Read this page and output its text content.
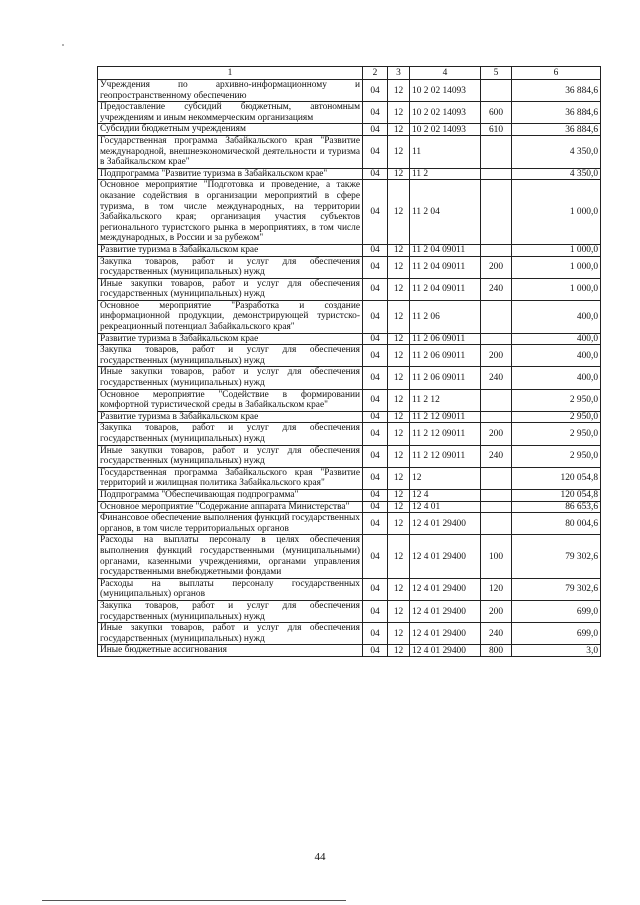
1	2	3	4	5	6
Учреждения по архивно-информационному и геопространственному обеспечению	04	12	10 2 02 14093		36 884,6
Предоставление субсидий бюджетным, автономным учреждениям и иным некоммерческим организациям	04	12	10 2 02 14093	600	36 884,6
Субсидии бюджетным учреждениям	04	12	10 2 02 14093	610	36 884,6
Государственная программа Забайкальского края "Развитие международной, внешнеэкономической деятельности и туризма в Забайкальском крае"	04	12	11		4 350,0
Подпрограмма "Развитие туризма в Забайкальском крае"	04	12	11 2		4 350,0
Основное мероприятие "Подготовка и проведение, а также оказание содействия в организации мероприятий в сфере туризма, в том числе международных, на территории Забайкальского края; организация участия субъектов регионального туристского рынка в мероприятиях, в том числе международных, в России и за рубежом"	04	12	11 2 04		1 000,0
Развитие туризма в Забайкальском крае	04	12	11 2 04 09011		1 000,0
Закупка товаров, работ и услуг для обеспечения государственных (муниципальных) нужд	04	12	11 2 04 09011	200	1 000,0
Иные закупки товаров, работ и услуг для обеспечения государственных (муниципальных) нужд	04	12	11 2 04 09011	240	1 000,0
Основное мероприятие "Разработка и создание информационной продукции, демонстрирующей туристско-рекреационный потенциал Забайкальского края"	04	12	11 2 06		400,0
Развитие туризма в Забайкальском крае	04	12	11 2 06 09011		400,0
Закупка товаров, работ и услуг для обеспечения государственных (муниципальных) нужд	04	12	11 2 06 09011	200	400,0
Иные закупки товаров, работ и услуг для обеспечения государственных (муниципальных) нужд	04	12	11 2 06 09011	240	400,0
Основное мероприятие "Содействие в формировании комфортной туристической среды в Забайкальском крае"	04	12	11 2 12		2 950,0
Развитие туризма в Забайкальском крае	04	12	11 2 12 09011		2 950,0
Закупка товаров, работ и услуг для обеспечения государственных (муниципальных) нужд	04	12	11 2 12 09011	200	2 950,0
Иные закупки товаров, работ и услуг для обеспечения государственных (муниципальных) нужд	04	12	11 2 12 09011	240	2 950,0
Государственная программа Забайкальского края "Развитие территорий и жилищная политика Забайкальского края"	04	12	12		120 054,8
Подпрограмма "Обеспечивающая подпрограмма"	04	12	12 4		120 054,8
Основное мероприятие "Содержание аппарата Министерства"	04	12	12 4 01		86 653,6
Финансовое обеспечение выполнения функций государственных органов, в том числе территориальных органов	04	12	12 4 01 29400		80 004,6
Расходы на выплаты персоналу в целях обеспечения выполнения функций государственными (муниципальными) органами, казенными учреждениями, органами управления государственными внебюджетными фондами	04	12	12 4 01 29400	100	79 302,6
Расходы на выплаты персоналу государственных (муниципальных) органов	04	12	12 4 01 29400	120	79 302,6
Закупка товаров, работ и услуг для обеспечения государственных (муниципальных) нужд	04	12	12 4 01 29400	200	699,0
Иные закупки товаров, работ и услуг для обеспечения государственных (муниципальных) нужд	04	12	12 4 01 29400	240	699,0
Иные бюджетные ассигнования	04	12	12 4 01 29400	800	3,0
44
